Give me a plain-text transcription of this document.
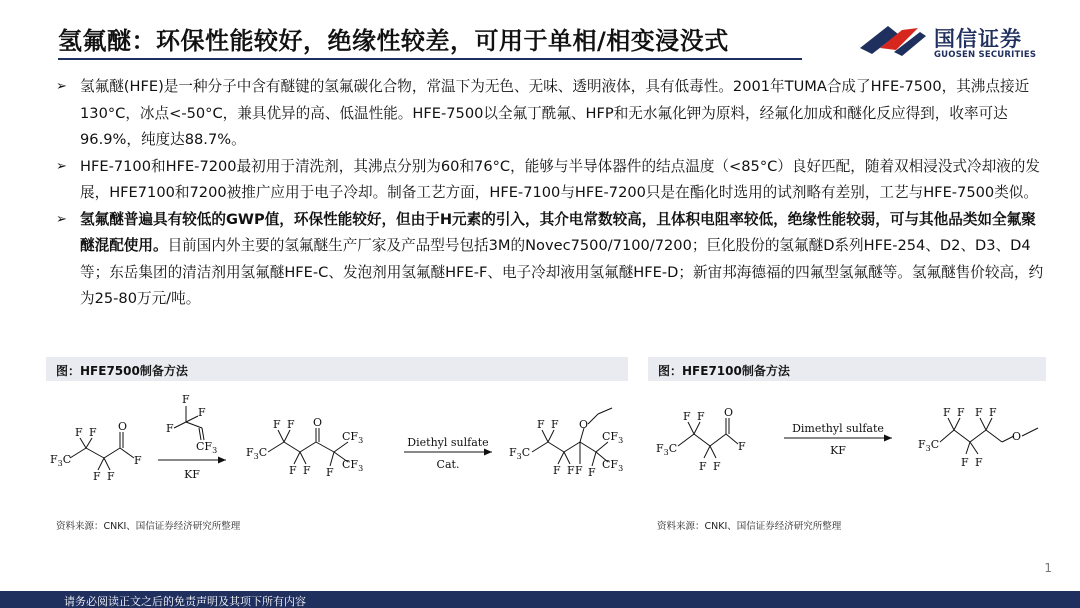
氢氟醚：环保性能较好，绝缘性较差，可用于单相/相变浸没式	国信证券
GUOSEN SECURITIES
➢ 氢氟醚(HFE)是一种分子中含有醚键的氢氟碳化合物，常温下为无色、无味、透明液体，具有低毒性。2001年TUMA合成了HFE-7500，其沸点接近130°C，冰点<-50°C，兼具优异的高、低温性能。HFE-7500以全氟丁酰氟、HFP和无水氟化钾为原料，经氟化加成和醚化反应得到，收率可达96.9%，纯度达88.7%。
➢ HFE-7100和HFE-7200最初用于清洗剂，其沸点分别为60和76°C，能够与半导体器件的结点温度（<85°C）良好匹配，随着双相浸没式冷却液的发展，HFE7100和7200被推广应用于电子冷却。制备工艺方面，HFE-7100与HFE-7200只是在酯化时选用的试剂略有差别，工艺与HFE-7500类似。
➢ 氢氟醚普遍具有较低的GWP值，环保性能较好，但由于H元素的引入，其介电常数较高，且体积电阻率较低，绝缘性能较弱，可与其他品类如全氟聚醚混配使用。目前国内外主要的氢氟醚生产厂家及产品型号包括3M的Novec7500/7100/7200；巨化股份的氢氟醚D系列HFE-254、D2、D3、D4等；东岳集团的清洁剂用氢氟醚HFE-C、发泡剂用氢氟醚HFE-F、电子冷却液用氢氟醚HFE-D；新宙邦海德福的四氟型氢氟醚等。氢氟醚售价较高，约为25-80万元/吨。
图：HFE7500制备方法	图：HFE7100制备方法
$F_3C$
F F
F F
O
F
F
F
F
$CF_3$	$F_3C$
F F
F F
O
$CF_3$
$CF_3$
F
$F_3C$
F F
F F
O
F
$CF_3$
$CF_3$
F
KF
Diethyl sulfate
Cat.
$F_3C$
F F
F F
O
F	$F_3C$
F F F F
F F
O
Dimethyl sulfate
KF
资料来源：CNKI、国信证券经济研究所整理	资料来源：CNKI、国信证券经济研究所整理
1
请务必阅读正文之后的免责声明及其项下所有内容
